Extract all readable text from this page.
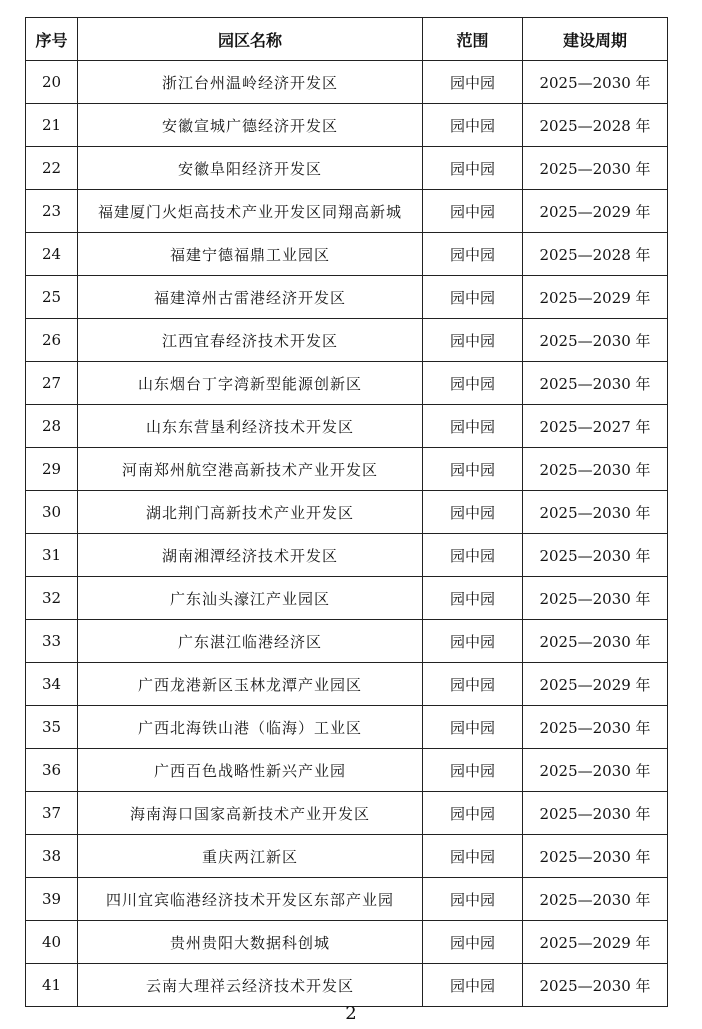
序号	园区名称	范围	建设周期
20	浙江台州温岭经济开发区	园中园	2025—2030 年
21	安徽宣城广德经济开发区	园中园	2025—2028 年
22	安徽阜阳经济开发区	园中园	2025—2030 年
23	福建厦门火炬高技术产业开发区同翔高新城	园中园	2025—2029 年
24	福建宁德福鼎工业园区	园中园	2025—2028 年
25	福建漳州古雷港经济开发区	园中园	2025—2029 年
26	江西宜春经济技术开发区	园中园	2025—2030 年
27	山东烟台丁字湾新型能源创新区	园中园	2025—2030 年
28	山东东营垦利经济技术开发区	园中园	2025—2027 年
29	河南郑州航空港高新技术产业开发区	园中园	2025—2030 年
30	湖北荆门高新技术产业开发区	园中园	2025—2030 年
31	湖南湘潭经济技术开发区	园中园	2025—2030 年
32	广东汕头濠江产业园区	园中园	2025—2030 年
33	广东湛江临港经济区	园中园	2025—2030 年
34	广西龙港新区玉林龙潭产业园区	园中园	2025—2029 年
35	广西北海铁山港（临海）工业区	园中园	2025—2030 年
36	广西百色战略性新兴产业园	园中园	2025—2030 年
37	海南海口国家高新技术产业开发区	园中园	2025—2030 年
38	重庆两江新区	园中园	2025—2030 年
39	四川宜宾临港经济技术开发区东部产业园	园中园	2025—2030 年
40	贵州贵阳大数据科创城	园中园	2025—2029 年
41	云南大理祥云经济技术开发区	园中园	2025—2030 年
2
